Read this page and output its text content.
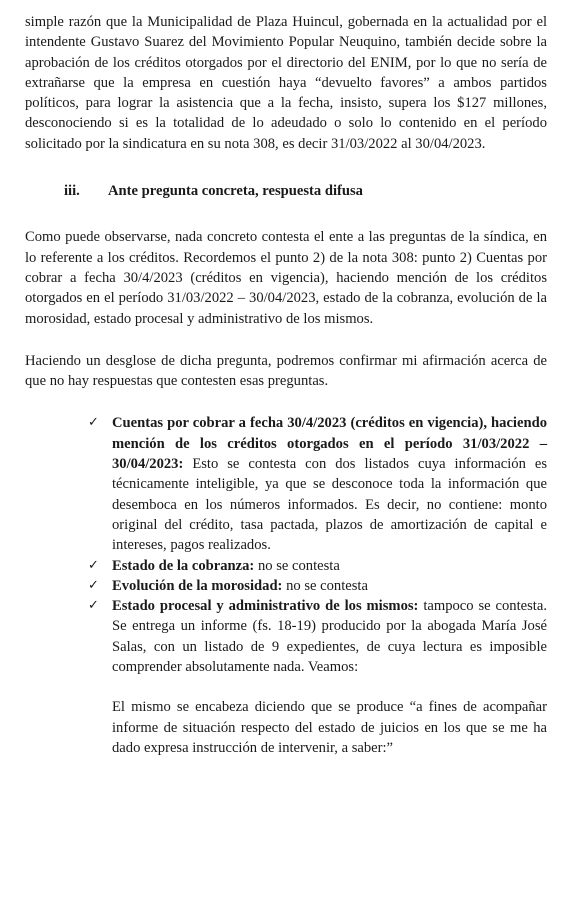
simple razón que la Municipalidad de Plaza Huincul, gobernada en la actualidad por el intendente Gustavo Suarez del Movimiento Popular Neuquino, también decide sobre la aprobación de los créditos otorgados por el directorio del ENIM, por lo que no sería de extrañarse que la empresa en cuestión haya “devuelto favores” a ambos partidos políticos, para lograr la asistencia que a la fecha, insisto, supera los $127 millones, desconociendo si es la totalidad de lo adeudado o solo lo contenido en el período solicitado por la sindicatura en su nota 308, es decir 31/03/2022 al 30/04/2023.

iii. Ante pregunta concreta, respuesta difusa

Como puede observarse, nada concreto contesta el ente a las preguntas de la síndica, en lo referente a los créditos. Recordemos el punto 2) de la nota 308: punto 2) Cuentas por cobrar a fecha 30/4/2023 (créditos en vigencia), haciendo mención de los créditos otorgados en el período 31/03/2022 – 30/04/2023, estado de la cobranza, evolución de la morosidad, estado procesal y administrativo de los mismos.

Haciendo un desglose de dicha pregunta, podremos confirmar mi afirmación acerca de que no hay respuestas que contesten esas preguntas.

✓ Cuentas por cobrar a fecha 30/4/2023 (créditos en vigencia), haciendo mención de los créditos otorgados en el período 31/03/2022 – 30/04/2023: Esto se contesta con dos listados cuya información es técnicamente inteligible, ya que se desconoce toda la información que desemboca en los números informados. Es decir, no contiene: monto original del crédito, tasa pactada, plazos de amortización de capital e intereses, pagos realizados.
✓ Estado de la cobranza: no se contesta
✓ Evolución de la morosidad: no se contesta
✓ Estado procesal y administrativo de los mismos: tampoco se contesta. Se entrega un informe (fs. 18-19) producido por la abogada María José Salas, con un listado de 9 expedientes, de cuya lectura es imposible comprender absolutamente nada. Veamos:

El mismo se encabeza diciendo que se produce “a fines de acompañar informe de situación respecto del estado de juicios en los que se me ha dado expresa instrucción de intervenir, a saber:”
